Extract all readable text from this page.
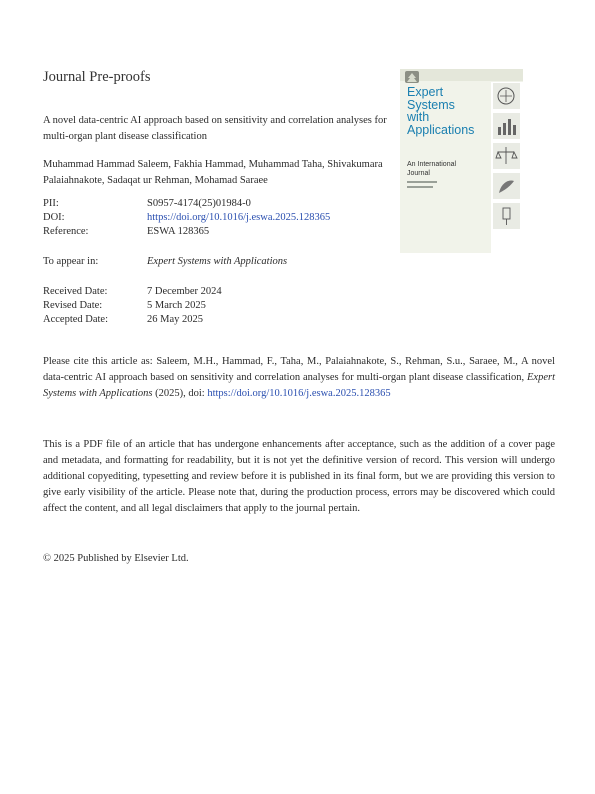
Journal Pre-proofs
A novel data-centric AI approach based on sensitivity and correlation analyses for multi-organ plant disease classification
Muhammad Hammad Saleem, Fakhia Hammad, Muhammad Taha, Shivakumara Palaiahnakote, Sadaqat ur Rehman, Mohamad Saraee
PII:	S0957-4174(25)01984-0
DOI:	https://doi.org/10.1016/j.eswa.2025.128365
Reference:	ESWA 128365
To appear in:	Expert Systems with Applications
Received Date:	7 December 2024
Revised Date:	5 March 2025
Accepted Date:	26 May 2025
Please cite this article as: Saleem, M.H., Hammad, F., Taha, M., Palaiahnakote, S., Rehman, S.u., Saraee, M., A novel data-centric AI approach based on sensitivity and correlation analyses for multi-organ plant disease classification, Expert Systems with Applications (2025), doi: https://doi.org/10.1016/j.eswa.2025.128365
This is a PDF file of an article that has undergone enhancements after acceptance, such as the addition of a cover page and metadata, and formatting for readability, but it is not yet the definitive version of record. This version will undergo additional copyediting, typesetting and review before it is published in its final form, but we are providing this version to give early visibility of the article. Please note that, during the production process, errors may be discovered which could affect the content, and all legal disclaimers that apply to the journal pertain.
© 2025 Published by Elsevier Ltd.
Expert
Systems
with
Applications
An International
Journal
